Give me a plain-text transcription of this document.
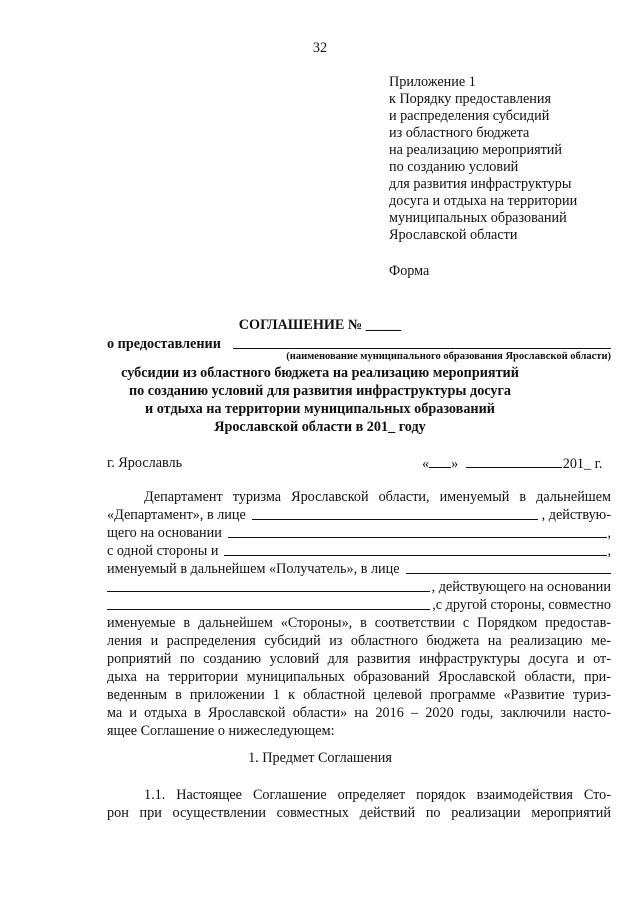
32
Приложение 1
к Порядку предоставления
и распределения субсидий
из областного бюджета
на реализацию мероприятий
по созданию условий
для развития инфраструктуры
досуга и отдыха на территории
муниципальных образований
Ярославской области
Форма
СОГЛАШЕНИЕ № _____
о предоставлении
(наименование муниципального образования Ярославской области)
субсидии из областного бюджета на реализацию мероприятий
по созданию условий для развития инфраструктуры досуга
и отдыха на территории муниципальных образований
Ярославской области в 201_ году
г. Ярославль	« »	201_ г.
Департамент туризма Ярославской области, именуемый в дальнейшем
«Департамент», в лице	, действую-
щего на основании	,
с одной стороны и	,
именуемый в дальнейшем «Получатель», в лице
, действующего на основании
,с другой стороны, совместно
именуемые в дальнейшем «Стороны», в соответствии с Порядком предостав-
ления и распределения субсидий из областного бюджета на реализацию ме-
роприятий по созданию условий для развития инфраструктуры досуга и от-
дыха на территории муниципальных образований Ярославской области, при-
веденным в приложении 1 к областной целевой программе «Развитие туриз-
ма и отдыха в Ярославской области» на 2016 – 2020 годы, заключили насто-
ящее Соглашение о нижеследующем:
1. Предмет Соглашения
1.1. Настоящее Соглашение определяет порядок взаимодействия Сто-
рон при осуществлении совместных действий по реализации мероприятий
